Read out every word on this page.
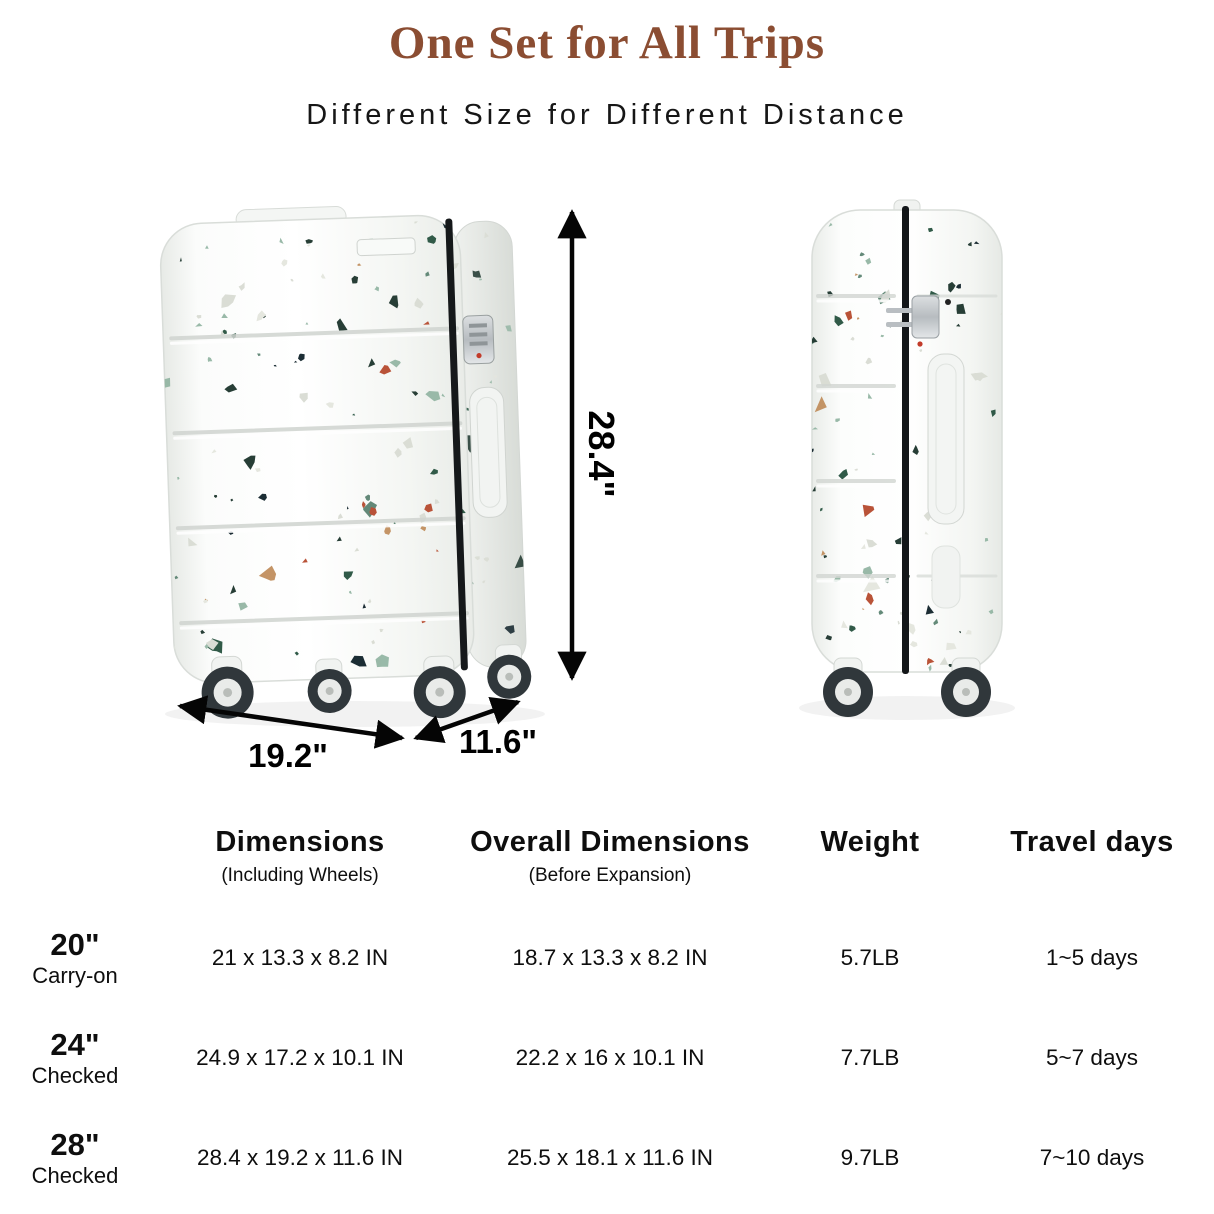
One Set for All Trips
Different Size for Different Distance
28.4"
19.2"	11.6"
Dimensions
(Including Wheels)
Overall Dimensions
(Before Expansion)
Weight	Travel days
20"
Carry-on
21 x 13.3 x 8.2 IN	18.7 x 13.3 x 8.2 IN	5.7LB	1~5 days
24"
Checked
24.9 x 17.2 x 10.1 IN	22.2 x 16 x 10.1 IN	7.7LB	5~7 days
28"
Checked
28.4 x 19.2 x 11.6 IN	25.5 x 18.1 x 11.6 IN	9.7LB	7~10 days
